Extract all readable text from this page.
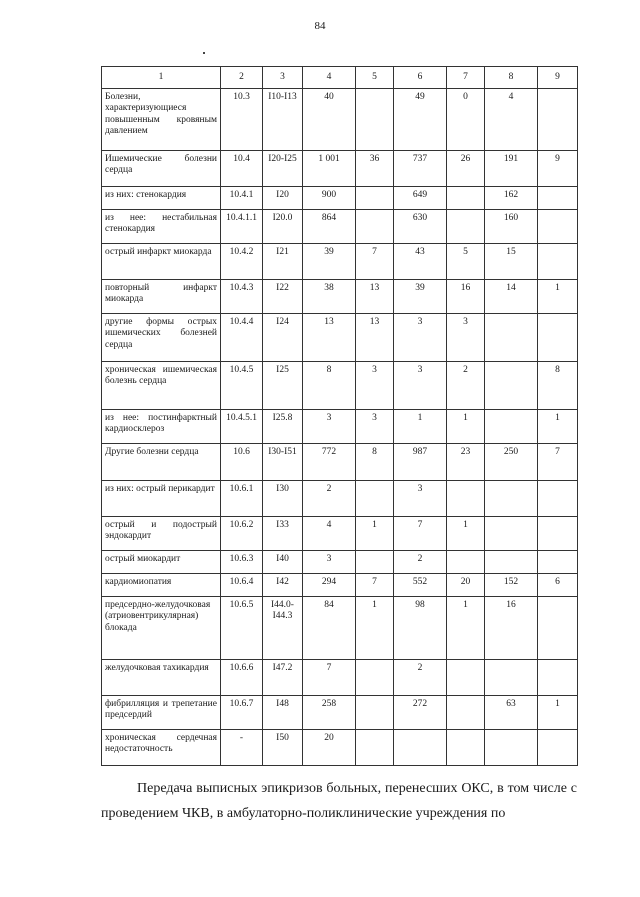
84
1	2	3	4	5	6	7	8	9
Болезни, характеризующиеся повышенным кровяным давлением	10.3	I10-I13	40		49	0	4	
Ишемические болезни сердца	10.4	I20-I25	1 001	36	737	26	191	9
из них: стенокардия	10.4.1	I20	900		649		162	
из нее: нестабильная стенокардия	10.4.1.1	I20.0	864		630		160	
острый инфаркт миокарда	10.4.2	I21	39	7	43	5	15	
повторный инфаркт миокарда	10.4.3	I22	38	13	39	16	14	1
другие формы острых ишемических болезней сердца	10.4.4	I24	13	13	3	3		
хроническая ишемическая болезнь сердца	10.4.5	I25	8	3	3	2		8
из нее: постинфарктный кардиосклероз	10.4.5.1	I25.8	3	3	1	1		1
Другие болезни сердца	10.6	I30-I51	772	8	987	23	250	7
из них: острый перикардит	10.6.1	I30	2		3			
острый и подострый эндокардит	10.6.2	I33	4	1	7	1		
острый миокардит	10.6.3	I40	3		2			
кардиомиопатия	10.6.4	I42	294	7	552	20	152	6
предсердно-желудочковая (атриовентрикулярная) блокада	10.6.5	I44.0-I44.3	84	1	98	1	16	
желудочковая тахикардия	10.6.6	I47.2	7		2			
фибрилляция и трепетание предсердий	10.6.7	I48	258		272		63	1
хроническая сердечная недостаточность	-	I50	20					
Передача выписных эпикризов больных, перенесших ОКС, в том числе с проведением ЧКВ, в амбулаторно-поликлинические учреждения по
